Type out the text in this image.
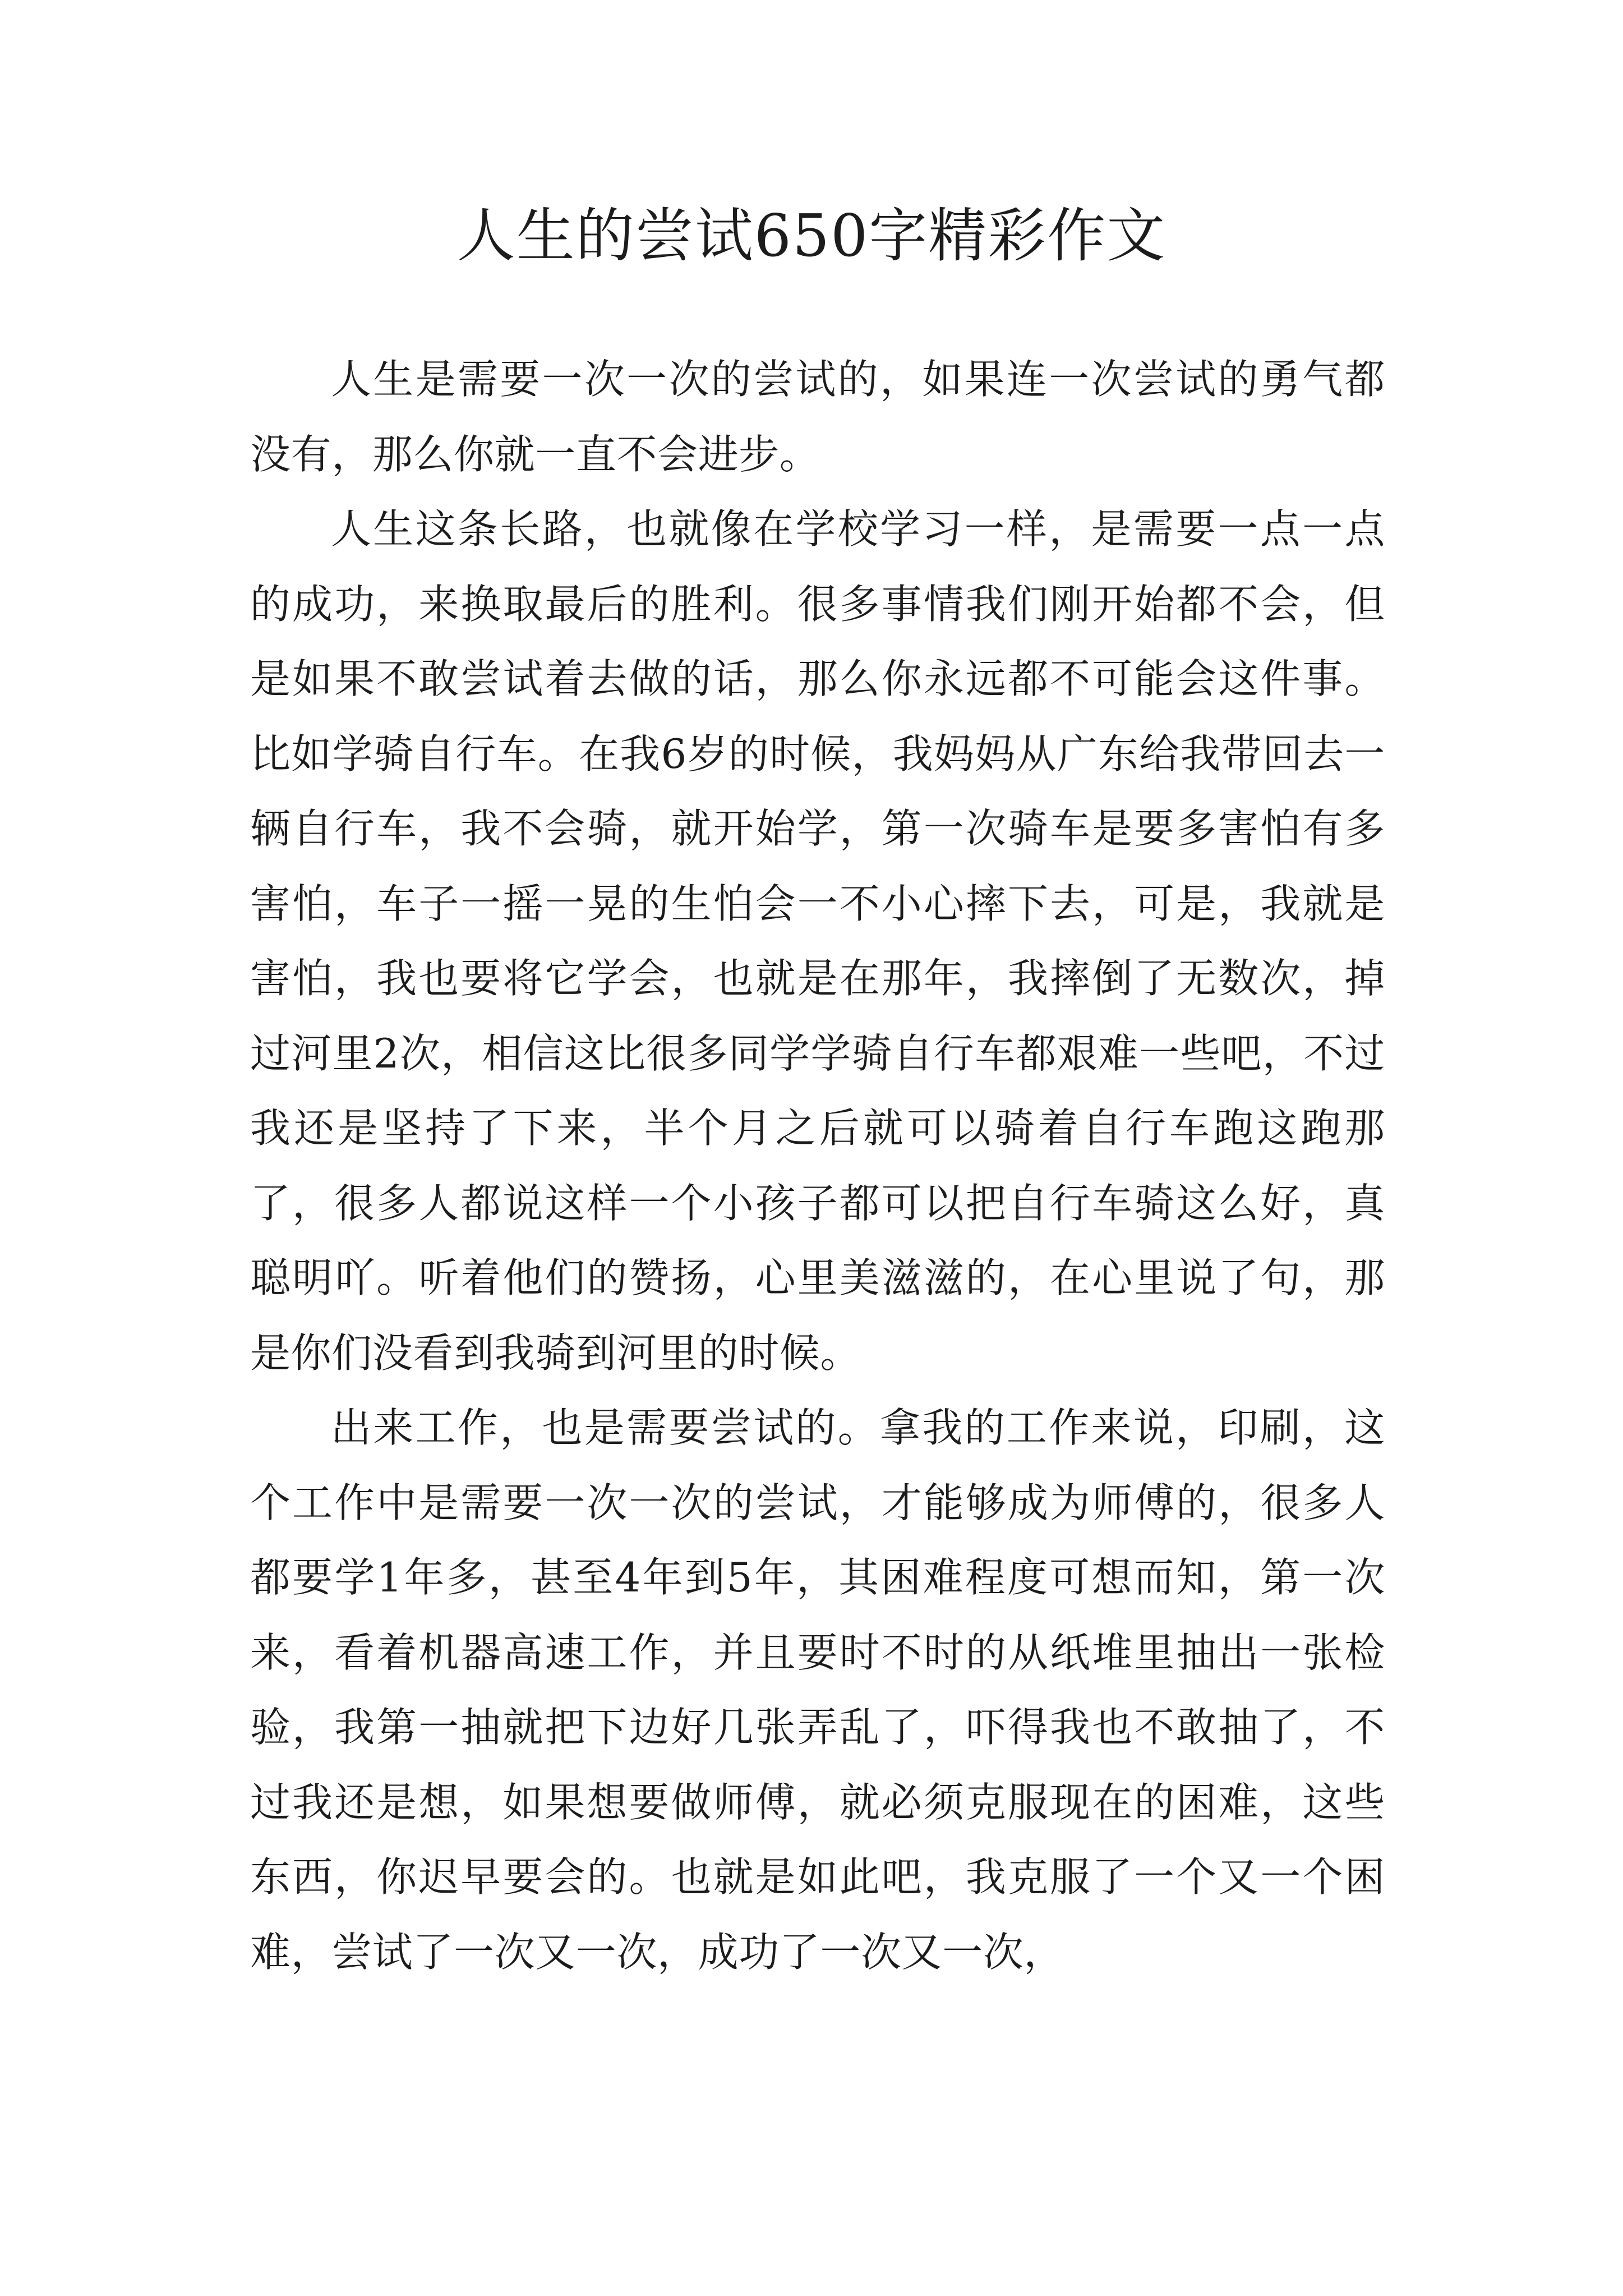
人生的尝试650字精彩作文

人生是需要一次一次的尝试的，如果连一次尝试的勇气都没有，那么你就一直不会进步。

人生这条长路，也就像在学校学习一样，是需要一点一点的成功，来换取最后的胜利。很多事情我们刚开始都不会，但是如果不敢尝试着去做的话，那么你永远都不可能会这件事。比如学骑自行车。在我6岁的时候，我妈妈从广东给我带回去一辆自行车，我不会骑，就开始学，第一次骑车是要多害怕有多害怕，车子一摇一晃的生怕会一不小心摔下去，可是，我就是害怕，我也要将它学会，也就是在那年，我摔倒了无数次，掉过河里2次，相信这比很多同学学骑自行车都艰难一些吧，不过我还是坚持了下来，半个月之后就可以骑着自行车跑这跑那了，很多人都说这样一个小孩子都可以把自行车骑这么好，真聪明吖。听着他们的赞扬，心里美滋滋的，在心里说了句，那是你们没看到我骑到河里的时候。

出来工作，也是需要尝试的。拿我的工作来说，印刷，这个工作中是需要一次一次的尝试，才能够成为师傅的，很多人都要学1年多，甚至4年到5年，其困难程度可想而知，第一次来，看着机器高速工作，并且要时不时的从纸堆里抽出一张检验，我第一抽就把下边好几张弄乱了，吓得我也不敢抽了，不过我还是想，如果想要做师傅，就必须克服现在的困难，这些东西，你迟早要会的。也就是如此吧，我克服了一个又一个困难，尝试了一次又一次，成功了一次又一次，
